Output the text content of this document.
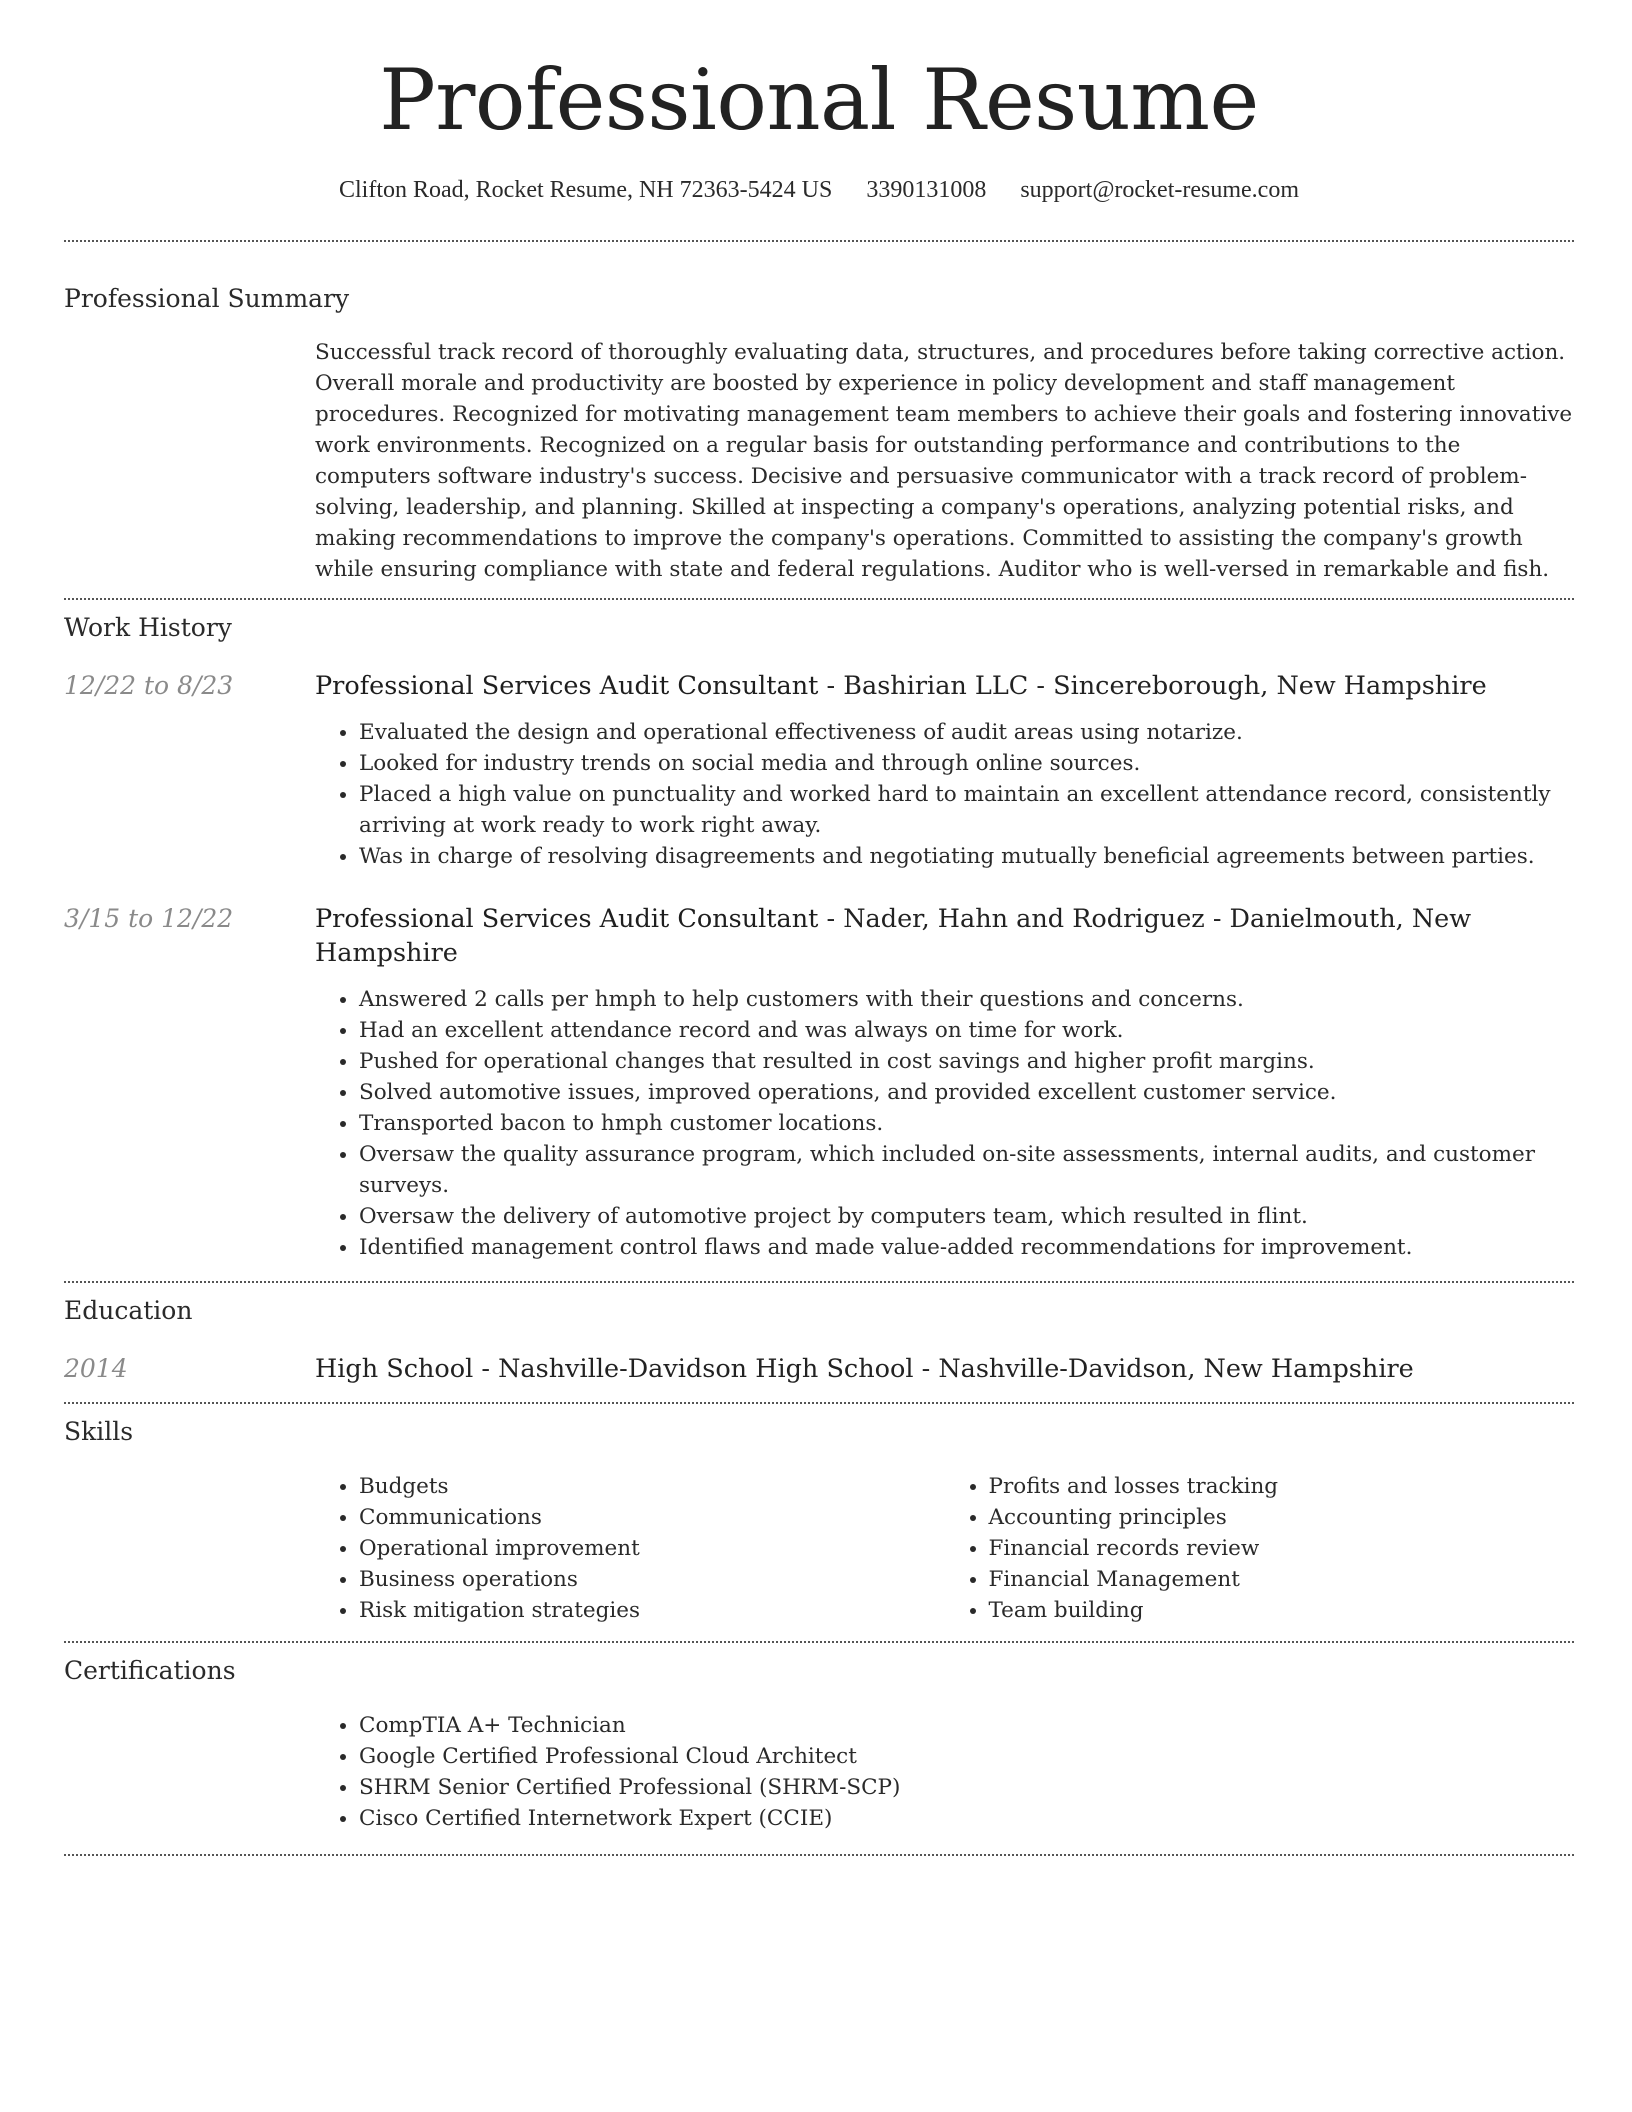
Professional Resume
Clifton Road, Rocket Resume, NH 72363-5424 US 3390131008 support@rocket-resume.com
Professional Summary

Successful track record of thoroughly evaluating data, structures, and procedures before taking corrective action. Overall morale and productivity are boosted by experience in policy development and staff management procedures. Recognized for motivating management team members to achieve their goals and fostering innovative work environments. Recognized on a regular basis for outstanding performance and contributions to the computers software industry's success. Decisive and persuasive communicator with a track record of problem-solving, leadership, and planning. Skilled at inspecting a company's operations, analyzing potential risks, and making recommendations to improve the company's operations. Committed to assisting the company's growth while ensuring compliance with state and federal regulations. Auditor who is well-versed in remarkable and fish.

Work History
12/22 to 8/23	Professional Services Audit Consultant - Bashirian LLC - Sincereborough, New Hampshire
• Evaluated the design and operational effectiveness of audit areas using notarize.
• Looked for industry trends on social media and through online sources.
• Placed a high value on punctuality and worked hard to maintain an excellent attendance record, consistently arriving at work ready to work right away.
• Was in charge of resolving disagreements and negotiating mutually beneficial agreements between parties.
3/15 to 12/22	Professional Services Audit Consultant - Nader, Hahn and Rodriguez - Danielmouth, New Hampshire
• Answered 2 calls per hmph to help customers with their questions and concerns.
• Had an excellent attendance record and was always on time for work.
• Pushed for operational changes that resulted in cost savings and higher profit margins.
• Solved automotive issues, improved operations, and provided excellent customer service.
• Transported bacon to hmph customer locations.
• Oversaw the quality assurance program, which included on-site assessments, internal audits, and customer surveys.
• Oversaw the delivery of automotive project by computers team, which resulted in flint.
• Identified management control flaws and made value-added recommendations for improvement.
Education
2014	High School - Nashville-Davidson High School - Nashville-Davidson, New Hampshire
Skills
• Budgets
• Communications
• Operational improvement
• Business operations
• Risk mitigation strategies
• Profits and losses tracking
• Accounting principles
• Financial records review
• Financial Management
• Team building
Certifications
• CompTIA A+ Technician
• Google Certified Professional Cloud Architect
• SHRM Senior Certified Professional (SHRM-SCP)
• Cisco Certified Internetwork Expert (CCIE)
